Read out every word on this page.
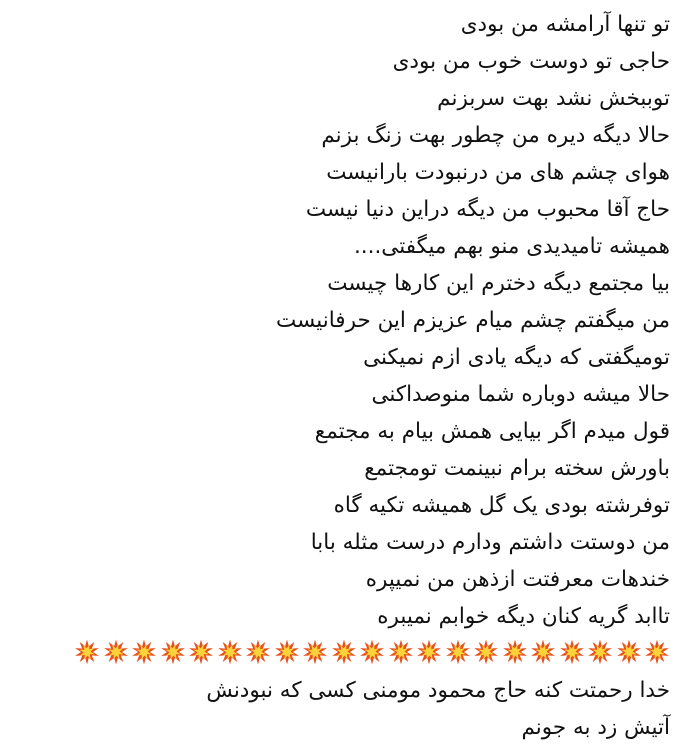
تو تنها آرامشه من بودی
حاجی تو دوست خوب من بودی
توببخش نشد بهت سربزنم
حالا دیگه دیره من چطور بهت زنگ بزنم
هوای چشم های من درنبودت بارانیست
حاج آقا محبوب من دیگه دراین دنیا نیست
همیشه تامیدیدی منو بهم میگفتی....
بیا مجتمع دیگه دخترم این کارها چیست
من میگفتم چشم میام عزیزم این حرفانیست
تومیگفتی که دیگه یادی ازم نمیکنی
حالا میشه دوباره شما منوصداکنی
قول میدم اگر بیایی همش بیام به مجتمع
باورش سخته برام نبینمت تومجتمع
توفرشته بودی یک گل همیشه تکیه گاه
من دوستت داشتم ودارم درست مثله بابا
خندهات معرفتت ازذهن من نمیپره
تاابد گریه کنان دیگه خوابم نمیبره
خدا رحمتت کنه حاج محمود مومنی کسی که نبودنش
آتیش زد به جونم
